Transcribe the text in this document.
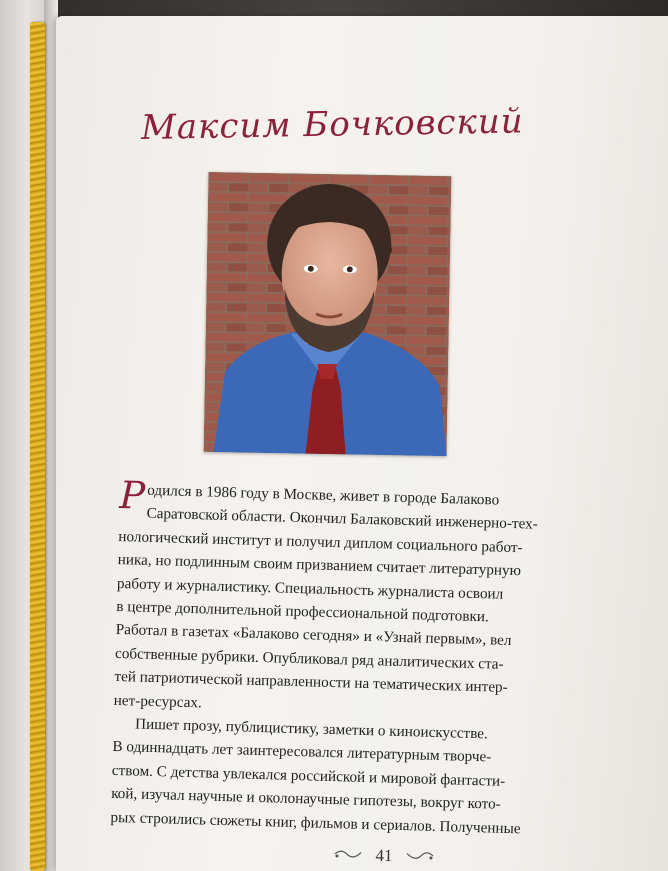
Максим Бочковский
Р одился в 1986 году в Москве, живет в городе Балаково
Саратовской области. Окончил Балаковский инженерно-тех-
нологический институт и получил диплом социального работ-
ника, но подлинным своим призванием считает литературную
работу и журналистику. Специальность журналиста освоил
в центре дополнительной профессиональной подготовки.
Работал в газетах «Балаково сегодня» и «Узнай первым», вел
собственные рубрики. Опубликовал ряд аналитических ста-
тей патриотической направленности на тематических интер-
нет-ресурсах.
Пишет прозу, публицистику, заметки о киноискусстве.
В одиннадцать лет заинтересовался литературным творче-
ством. С детства увлекался российской и мировой фантасти-
кой, изучал научные и околонаучные гипотезы, вокруг кото-
рых строились сюжеты книг, фильмов и сериалов. Полученные
41
